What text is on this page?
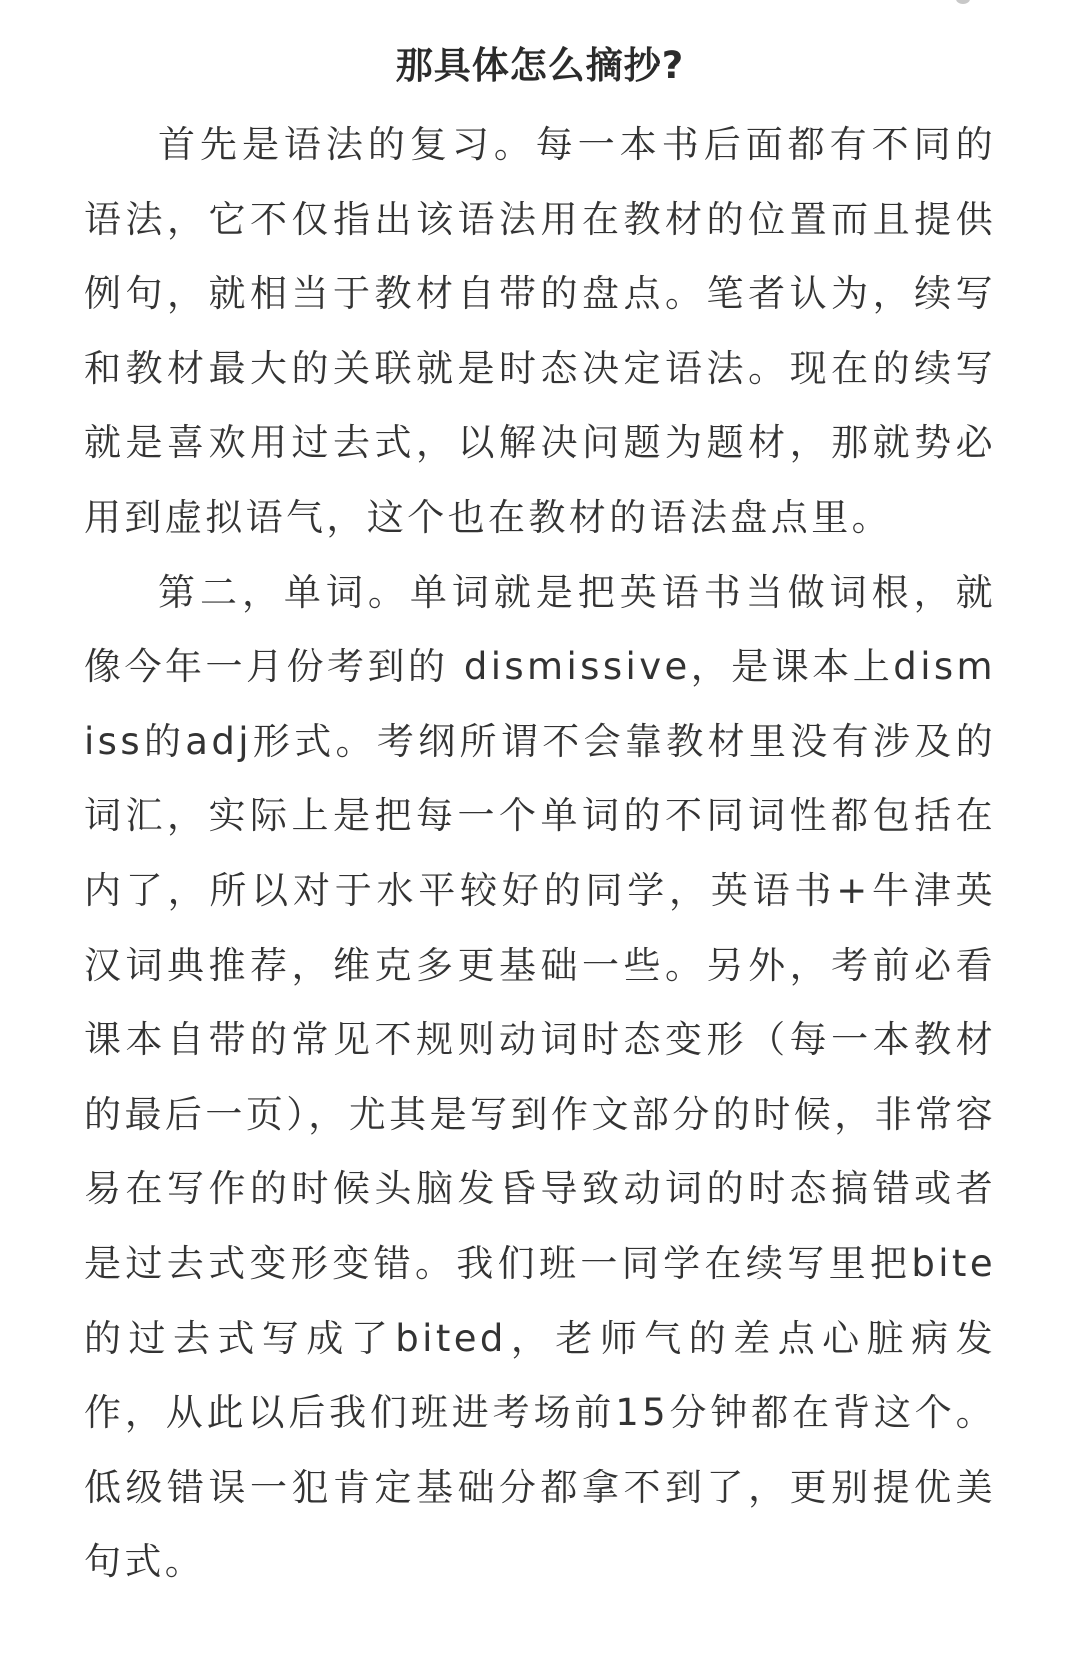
那具体怎么摘抄?

首先是语法的复习。每一本书后面都有不同的语法，它不仅指出该语法用在教材的位置而且提供例句，就相当于教材自带的盘点。笔者认为，续写和教材最大的关联就是时态决定语法。现在的续写就是喜欢用过去式，以解决问题为题材，那就势必用到虚拟语气，这个也在教材的语法盘点里。

第二，单词。单词就是把英语书当做词根，就像今年一月份考到的 dismissive，是课本上dismiss的adj形式。考纲所谓不会靠教材里没有涉及的词汇，实际上是把每一个单词的不同词性都包括在内了，所以对于水平较好的同学，英语书+牛津英汉词典推荐，维克多更基础一些。另外，考前必看课本自带的常见不规则动词时态变形（每一本教材的最后一页），尤其是写到作文部分的时候，非常容易在写作的时候头脑发昏导致动词的时态搞错或者是过去式变形变错。我们班一同学在续写里把bite的过去式写成了bited，老师气的差点心脏病发作，从此以后我们班进考场前15分钟都在背这个。低级错误一犯肯定基础分都拿不到了，更别提优美句式。
